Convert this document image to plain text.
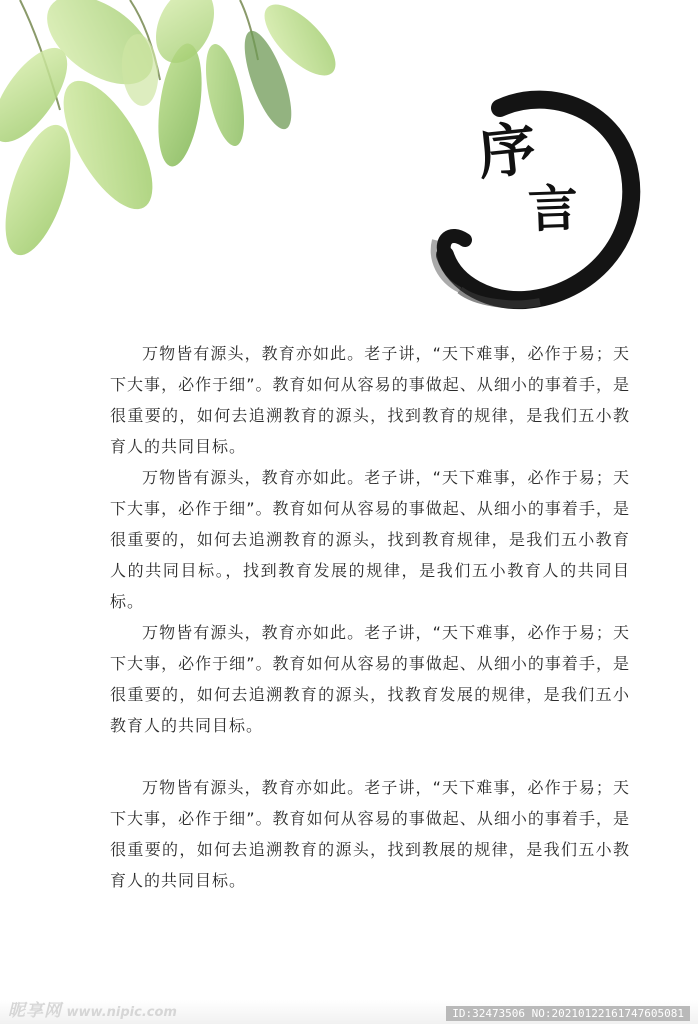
序
言

万物皆有源头，教育亦如此。老子讲，“天下难事，必作于易；天下大事，必作于细”。教育如何从容易的事做起、从细小的事着手，是很重要的，如何去追溯教育的源头，找到教育的规律，是我们五小教育人的共同目标。

万物皆有源头，教育亦如此。老子讲，“天下难事，必作于易；天下大事，必作于细”。教育如何从容易的事做起、从细小的事着手，是很重要的，如何去追溯教育的源头，找到教育规律，是我们五小教育人的共同目标。，找到教育发展的规律，是我们五小教育人的共同目标。

万物皆有源头，教育亦如此。老子讲，“天下难事，必作于易；天下大事，必作于细”。教育如何从容易的事做起、从细小的事着手，是很重要的，如何去追溯教育的源头，找教育发展的规律，是我们五小教育人的共同目标。

万物皆有源头，教育亦如此。老子讲，“天下难事，必作于易；天下大事，必作于细”。教育如何从容易的事做起、从细小的事着手，是很重要的，如何去追溯教育的源头，找到教展的规律，是我们五小教育人的共同目标。

昵享网 www.nipic.com	ID:32473506 NO:20210122161747605081
